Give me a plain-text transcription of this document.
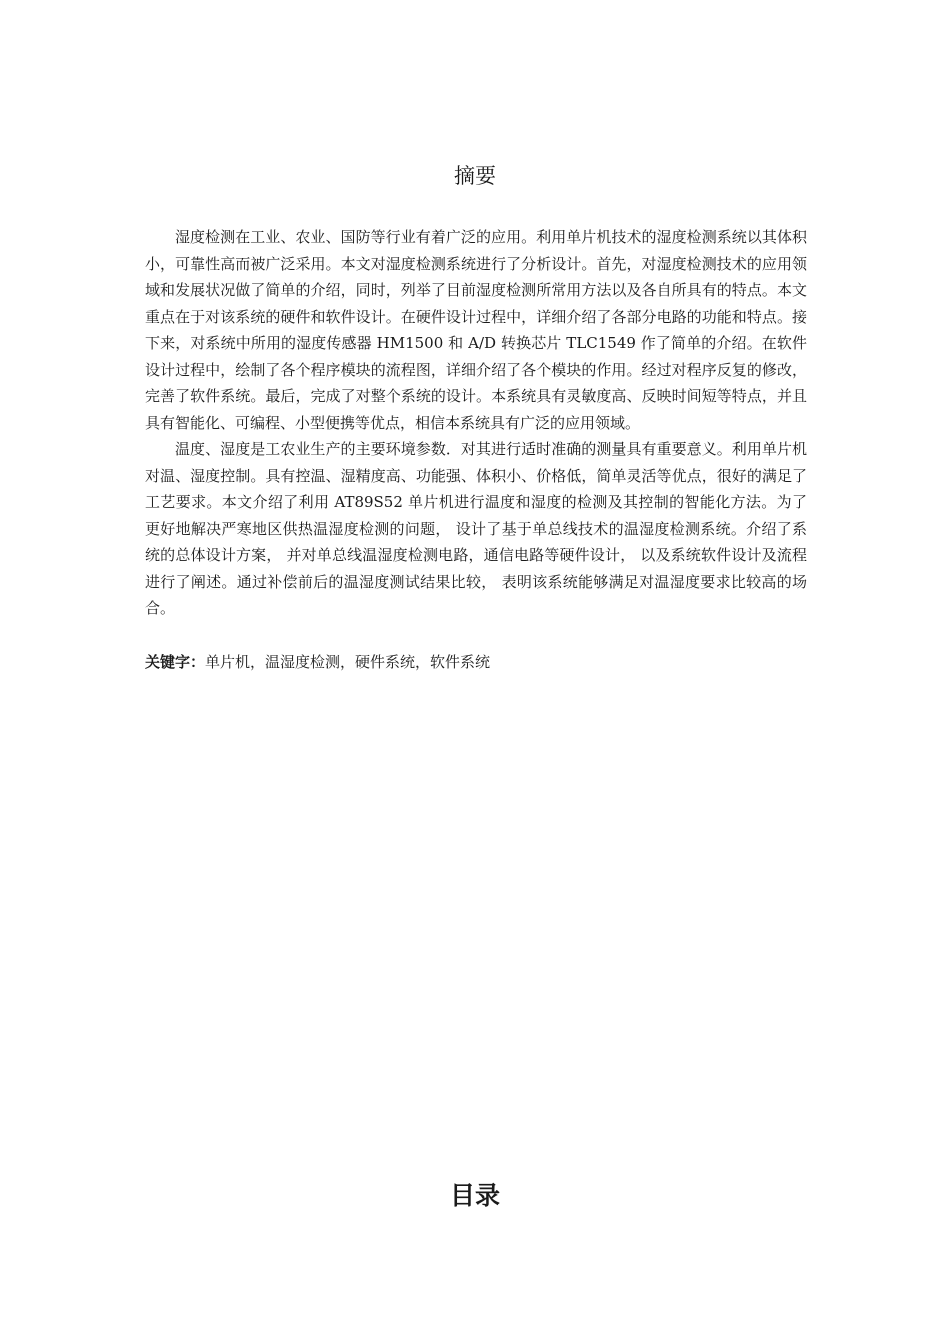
摘要

湿度检测在工业、农业、国防等行业有着广泛的应用。利用单片机技术的湿度检测系统以其体积小，可靠性高而被广泛采用。本文对湿度检测系统进行了分析设计。首先，对湿度检测技术的应用领域和发展状况做了简单的介绍，同时，列举了目前湿度检测所常用方法以及各自所具有的特点。本文重点在于对该系统的硬件和软件设计。在硬件设计过程中，详细介绍了各部分电路的功能和特点。接下来，对系统中所用的湿度传感器 HM1500 和 A/D 转换芯片 TLC1549 作了简单的介绍。在软件设计过程中，绘制了各个程序模块的流程图，详细介绍了各个模块的作用。经过对程序反复的修改，完善了软件系统。最后，完成了对整个系统的设计。本系统具有灵敏度高、反映时间短等特点，并且具有智能化、可编程、小型便携等优点，相信本系统具有广泛的应用领域。

温度、湿度是工农业生产的主要环境参数．对其进行适时准确的测量具有重要意义。利用单片机对温、湿度控制。具有控温、湿精度高、功能强、体积小、价格低，简单灵活等优点，很好的满足了工艺要求。本文介绍了利用 AT89S52 单片机进行温度和湿度的检测及其控制的智能化方法。为了更好地解决严寒地区供热温湿度检测的问题， 设计了基于单总线技术的温湿度检测系统。介绍了系统的总体设计方案， 并对单总线温湿度检测电路，通信电路等硬件设计， 以及系统软件设计及流程进行了阐述。通过补偿前后的温湿度测试结果比较， 表明该系统能够满足对温湿度要求比较高的场合。

关键字：单片机，温湿度检测，硬件系统，软件系统
目录
